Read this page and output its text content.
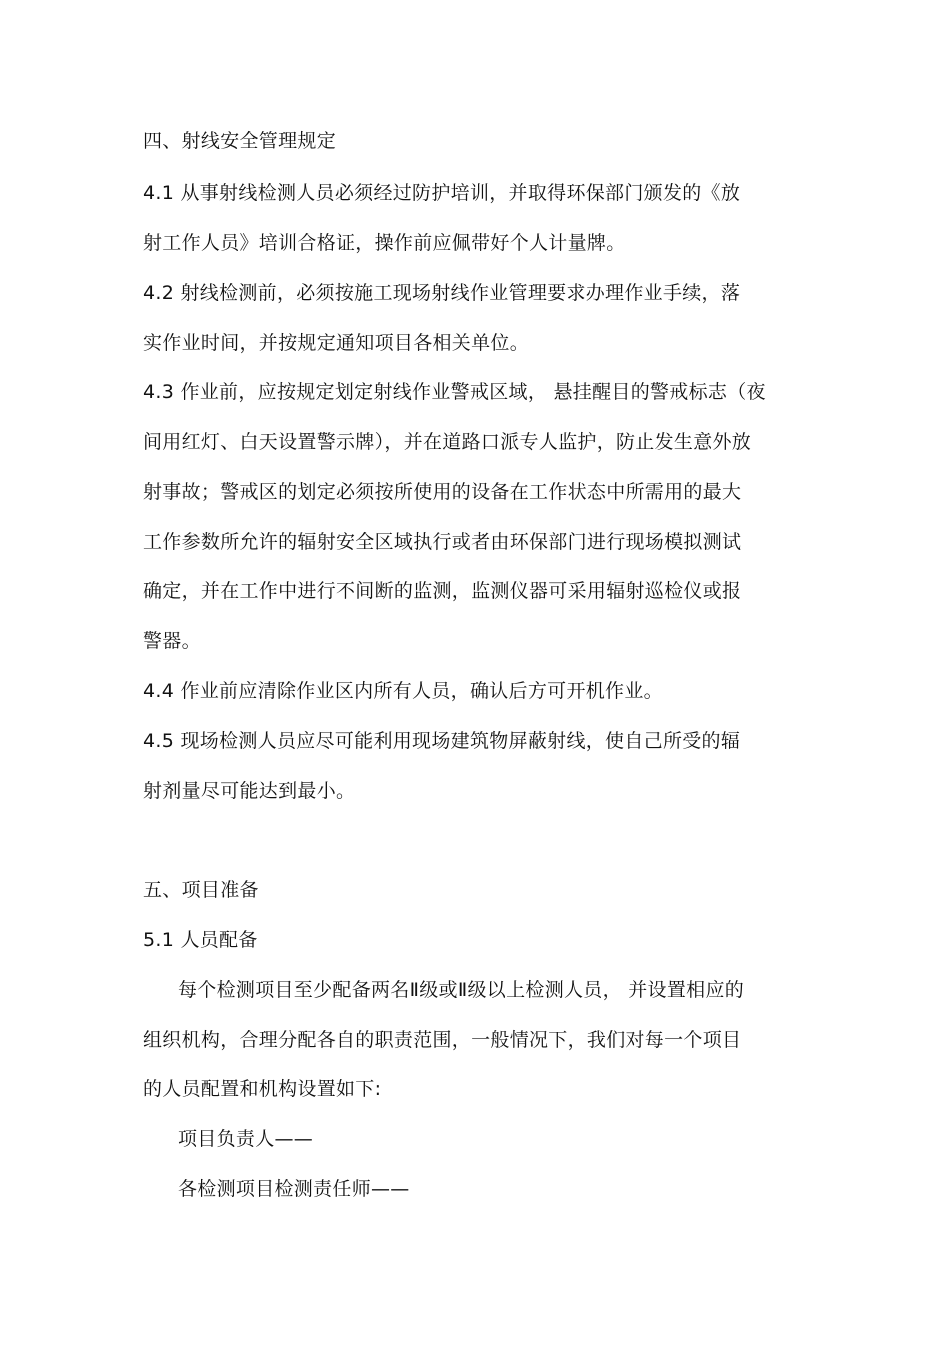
四、射线安全管理规定
4.1 从事射线检测人员必须经过防护培训，并取得环保部门颁发的《放
射工作人员》培训合格证，操作前应佩带好个人计量牌。
4.2 射线检测前，必须按施工现场射线作业管理要求办理作业手续，落
实作业时间，并按规定通知项目各相关单位。
4.3 作业前，应按规定划定射线作业警戒区域， 悬挂醒目的警戒标志（夜
间用红灯、白天设置警示牌），并在道路口派专人监护，防止发生意外放
射事故；警戒区的划定必须按所使用的设备在工作状态中所需用的最大
工作参数所允许的辐射安全区域执行或者由环保部门进行现场模拟测试
确定，并在工作中进行不间断的监测，监测仪器可采用辐射巡检仪或报
警器。
4.4 作业前应清除作业区内所有人员，确认后方可开机作业。
4.5 现场检测人员应尽可能利用现场建筑物屏蔽射线，使自己所受的辐
射剂量尽可能达到最小。
五、项目准备
5.1 人员配备
每个检测项目至少配备两名Ⅱ级或Ⅱ级以上检测人员， 并设置相应的
组织机构，合理分配各自的职责范围，一般情况下，我们对每一个项目
的人员配置和机构设置如下:
项目负责人——
各检测项目检测责任师——
